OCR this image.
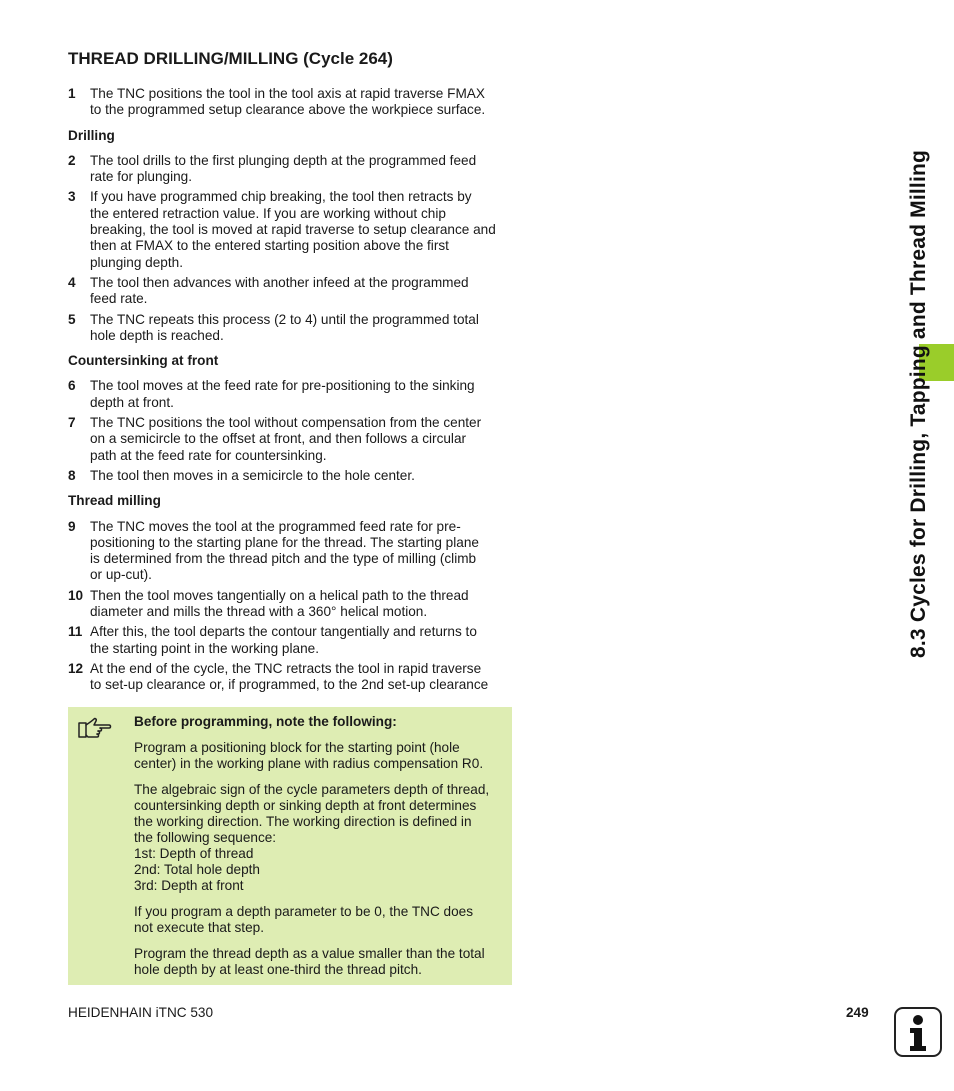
THREAD DRILLING/MILLING (Cycle 264)
1	The TNC positions the tool in the tool axis at rapid traverse FMAX
to the programmed setup clearance above the workpiece surface.
Drilling
2	The tool drills to the first plunging depth at the programmed feed
rate for plunging.
3	If you have programmed chip breaking, the tool then retracts by
the entered retraction value. If you are working without chip
breaking, the tool is moved at rapid traverse to setup clearance and
then at FMAX to the entered starting position above the first
plunging depth.
4	The tool then advances with another infeed at the programmed
feed rate.
5	The TNC repeats this process (2 to 4) until the programmed total
hole depth is reached.
Countersinking at front
6	The tool moves at the feed rate for pre-positioning to the sinking
depth at front.
7	The TNC positions the tool without compensation from the center
on a semicircle to the offset at front, and then follows a circular
path at the feed rate for countersinking.
8	The tool then moves in a semicircle to the hole center.
Thread milling
9	The TNC moves the tool at the programmed feed rate for pre-
positioning to the starting plane for the thread. The starting plane
is determined from the thread pitch and the type of milling (climb
or up-cut).
10 Then the tool moves tangentially on a helical path to the thread
diameter and mills the thread with a 360° helical motion.
11 After this, the tool departs the contour tangentially and returns to
the starting point in the working plane.
12 At the end of the cycle, the TNC retracts the tool in rapid traverse
to set-up clearance or, if programmed, to the 2nd set-up clearance
Before programming, note the following:
Program a positioning block for the starting point (hole
center) in the working plane with radius compensation R0.
The algebraic sign of the cycle parameters depth of thread,
countersinking depth or sinking depth at front determines
the working direction. The working direction is defined in
the following sequence:
1st: Depth of thread
2nd: Total hole depth
3rd: Depth at front
If you program a depth parameter to be 0, the TNC does
not execute that step.
Program the thread depth as a value smaller than the total
hole depth by at least one-third the thread pitch.
8.3 Cycles for Drilling, Tapping and Thread Milling
HEIDENHAIN iTNC 530	249
